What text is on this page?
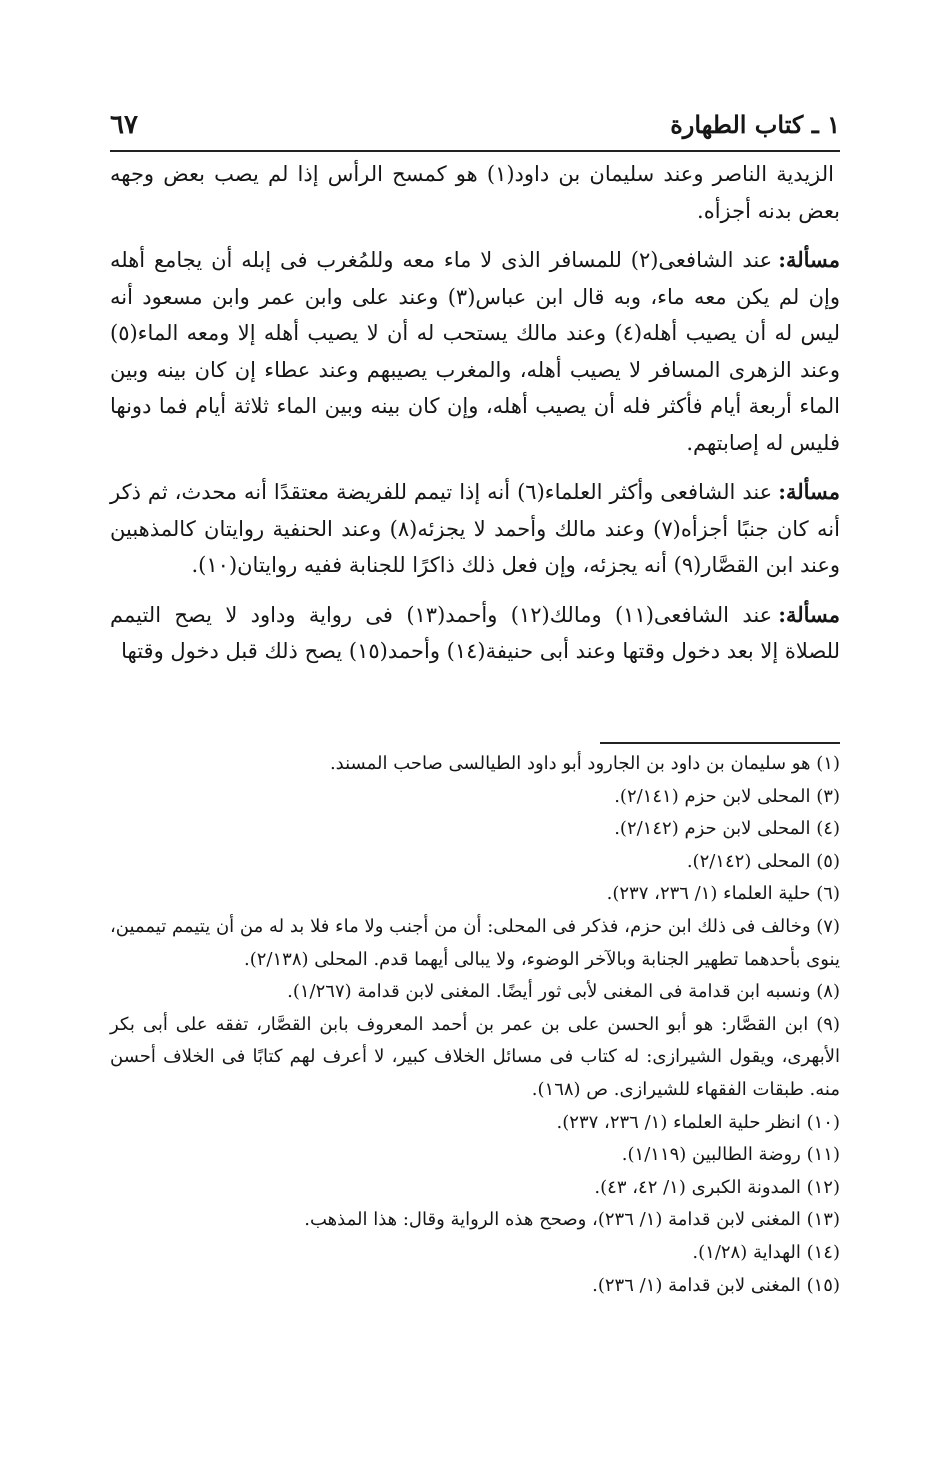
١ ـ كتاب الطهارة
٦٧
الزيدية الناصر وعند سليمان بن داود(١) هو كمسح الرأس إذا لم يصب بعض وجهه بعض بدنه أجزأه.
مسألة:عند الشافعى(٢) للمسافر الذى لا ماء معه وللمُغرب فى إبله أن يجامع أهله وإن لم يكن معه ماء، وبه قال ابن عباس(٣) وعند على وابن عمر وابن مسعود أنه ليس له أن يصيب أهله(٤) وعند مالك يستحب له أن لا يصيب أهله إلا ومعه الماء(٥) وعند الزهرى المسافر لا يصيب أهله، والمغرب يصيبهم وعند عطاء إن كان بينه وبين الماء أربعة أيام فأكثر فله أن يصيب أهله، وإن كان بينه وبين الماء ثلاثة أيام فما دونها فليس له إصابتهم.
مسألة:عند الشافعى وأكثر العلماء(٦) أنه إذا تيمم للفريضة معتقدًا أنه محدث، ثم ذكر أنه كان جنبًا أجزأه(٧) وعند مالك وأحمد لا يجزئه(٨) وعند الحنفية روايتان كالمذهبين وعند ابن القصَّار(٩) أنه يجزئه، وإن فعل ذلك ذاكرًا للجنابة ففيه روايتان(١٠).
مسألة:عند الشافعى(١١) ومالك(١٢) وأحمد(١٣) فى رواية وداود لا يصح التيمم للصلاة إلا بعد دخول وقتها وعند أبى حنيفة(١٤) وأحمد(١٥) يصح ذلك قبل دخول وقتها
(١) هو سليمان بن داود بن الجارود أبو داود الطيالسى صاحب المسند.
(٣) المحلى لابن حزم (٢/١٤١).
(٤) المحلى لابن حزم (٢/١٤٢).
(٥) المحلى (٢/١٤٢).
(٦) حلية العلماء (١/ ٢٣٦، ٢٣٧).
(٧) وخالف فى ذلك ابن حزم، فذكر فى المحلى: أن من أجنب ولا ماء فلا بد له من أن يتيمم تيممين، ينوى بأحدهما تطهير الجنابة وبالآخر الوضوء، ولا يبالى أيهما قدم. المحلى (٢/١٣٨).
(٨) ونسبه ابن قدامة فى المغنى لأبى ثور أيضًا. المغنى لابن قدامة (١/٢٦٧).
(٩) ابن القصَّار: هو أبو الحسن على بن عمر بن أحمد المعروف بابن القصَّار، تفقه على أبى بكر الأبهرى، ويقول الشيرازى: له كتاب فى مسائل الخلاف كبير، لا أعرف لهم كتابًا فى الخلاف أحسن منه. طبقات الفقهاء للشيرازى. ص (١٦٨).
(١٠) انظر حلية العلماء (١/ ٢٣٦، ٢٣٧).
(١١) روضة الطالبين (١/١١٩).
(١٢) المدونة الكبرى (١/ ٤٢، ٤٣).
(١٣) المغنى لابن قدامة (١/ ٢٣٦)، وصحح هذه الرواية وقال: هذا المذهب.
(١٤) الهداية (١/٢٨).
(١٥) المغنى لابن قدامة (١/ ٢٣٦).
